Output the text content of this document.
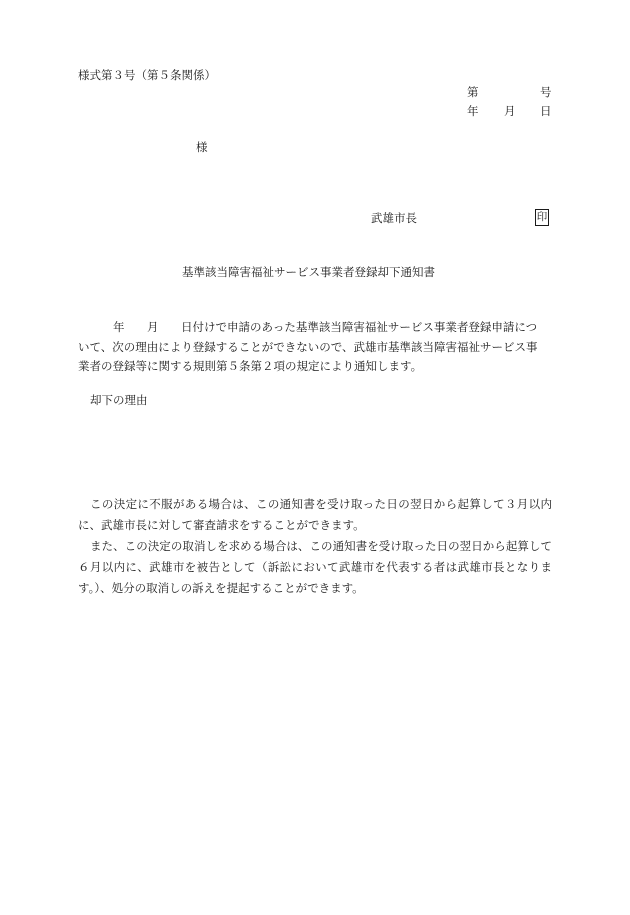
様式第３号（第５条関係）
第	号
年 月 日
様
武雄市長	印
基準該当障害福祉サービス事業者登録却下通知書
年 月 日付けで申請のあった基準該当障害福祉サービス事業者登録申請につ
いて、次の理由により登録することができないので、武雄市基準該当障害福祉サービス事
業者の登録等に関する規則第５条第２項の規定により通知します。
却下の理由
この決定に不服がある場合は、この通知書を受け取った日の翌日から起算して３月以内に、武雄市長に対して審査請求をすることができます。
また、この決定の取消しを求める場合は、この通知書を受け取った日の翌日から起算して６月以内に、武雄市を被告として（訴訟において武雄市を代表する者は武雄市長となります。）、処分の取消しの訴えを提起することができます。
